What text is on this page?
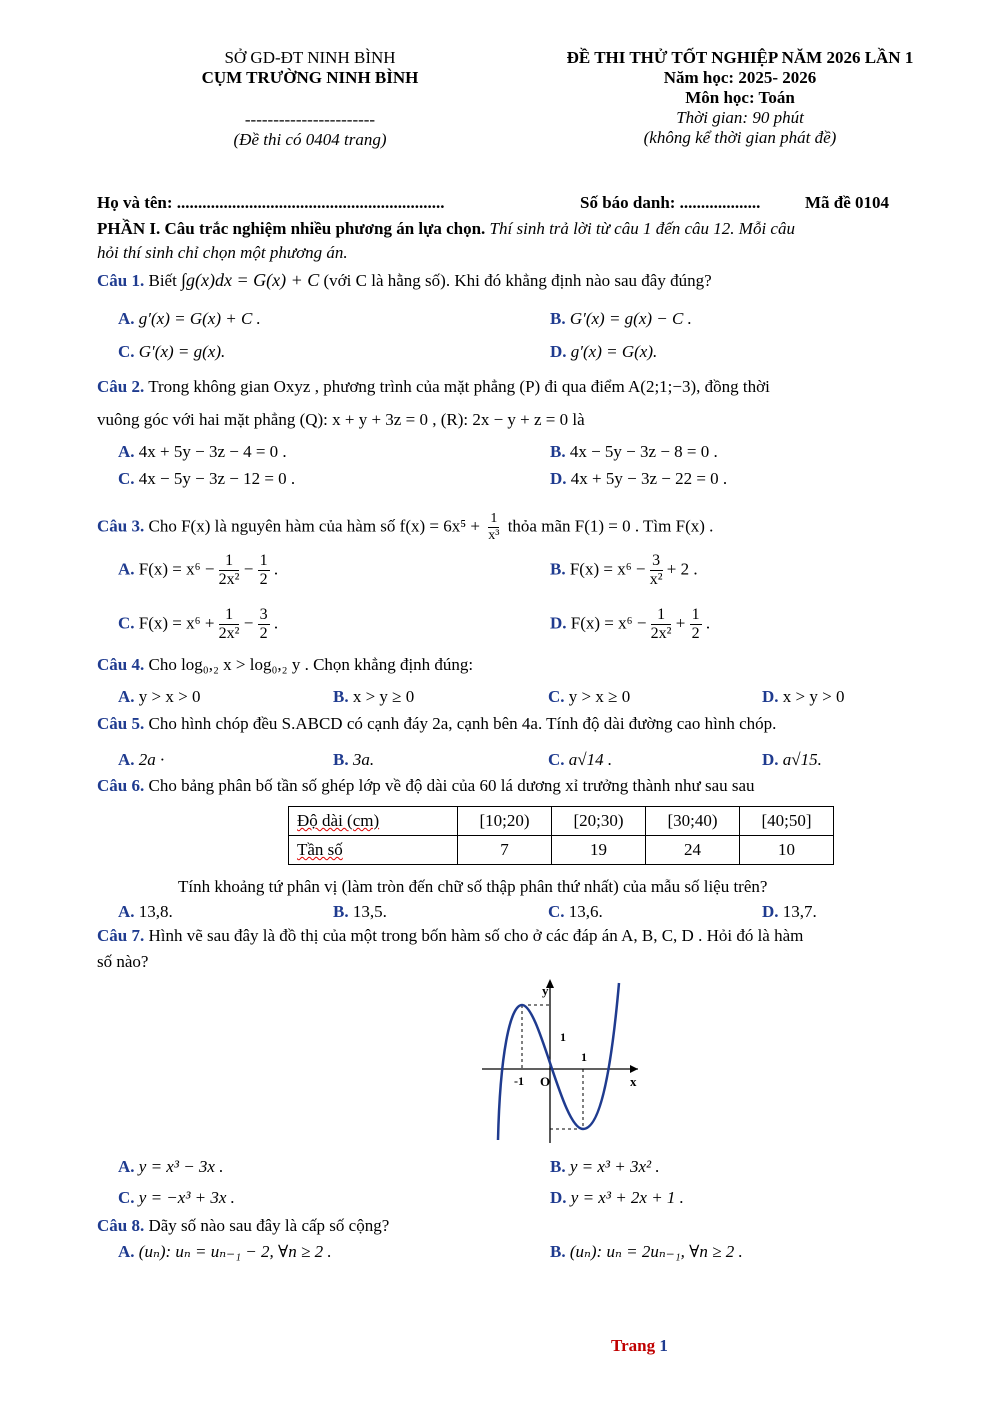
SỞ GD-ĐT NINH BÌNH
CỤM TRƯỜNG NINH BÌNH
-----------------------
(Đề thi có 0404 trang)
ĐỀ THI THỬ TỐT NGHIỆP NĂM 2026 LẦN 1
Năm học: 2025- 2026
Môn học: Toán
Thời gian: 90 phút
(không kể thời gian phát đề)
Họ và tên: ...............................................................	Số báo danh: ...................	Mã đề 0104
PHẦN I. Câu trắc nghiệm nhiều phương án lựa chọn. Thí sinh trả lời từ câu 1 đến câu 12. Mỗi câu
hỏi thí sinh chỉ chọn một phương án.
Câu 1. Biết ∫g(x)dx = G(x) + C (với C là hằng số). Khi đó khẳng định nào sau đây đúng?
A. g′(x) = G(x) + C .	B. G′(x) = g(x) − C .
C. G′(x) = g(x).	D. g′(x) = G(x).
Câu 2. Trong không gian Oxyz , phương trình của mặt phẳng (P) đi qua điểm A(2;1;−3), đồng thời
vuông góc với hai mặt phẳng (Q): x + y + 3z = 0 , (R): 2x − y + z = 0 là
A. 4x + 5y − 3z − 4 = 0 .	B. 4x − 5y − 3z − 8 = 0 .
C. 4x − 5y − 3z − 12 = 0 .	D. 4x + 5y − 3z − 22 = 0 .
Câu 3. Cho F(x) là nguyên hàm của hàm số $f(x) = 6x^5 + \frac{1}{\text{x³}}$ thỏa mãn F(1) = 0 . Tìm F(x) .
A. $F(x) = x^6 - \frac{1}{\text{2x²}} - \frac{1}{2}$ .	B. $F(x) = x^6 - \frac{3}{\text{x²}} + 2$ .
C. $F(x) = x^6 + \frac{1}{\text{2x²}} - \frac{3}{2}$ .	D. $F(x) = x^6 - \frac{1}{\text{2x²}} + \frac{1}{2}$ .
Câu 4. Cho log₀,₂ x > log₀,₂ y . Chọn khẳng định đúng:
A. y > x > 0	B. x > y ≥ 0	C. y > x ≥ 0	D. x > y > 0
Câu 5. Cho hình chóp đều S.ABCD có cạnh đáy 2a, cạnh bên 4a. Tính độ dài đường cao hình chóp.
A. 2a ·	B. 3a.	C. a√14 .	D. a√15.
Câu 6. Cho bảng phân bố tần số ghép lớp về độ dài của 60 lá dương xỉ trưởng thành như sau sau
Độ dài (cm)	[10;20)	[20;30)	[30;40)	[40;50]
Tần số	7	19	24	10
Tính khoảng tứ phân vị (làm tròn đến chữ số thập phân thứ nhất) của mẫu số liệu trên?
A. 13,8.	B. 13,5.	C. 13,6.	D. 13,7.
Câu 7. Hình vẽ sau đây là đồ thị của một trong bốn hàm số cho ở các đáp án A, B, C, D . Hỏi đó là hàm
số nào?
y
x
O
1
1
-1
A. y = x³ − 3x .	B. y = x³ + 3x² .
C. y = −x³ + 3x .	D. y = x³ + 2x + 1 .
Câu 8. Dãy số nào sau đây là cấp số cộng?
A. (uₙ): uₙ = uₙ₋₁ − 2, ∀n ≥ 2 .	B. (uₙ): uₙ = 2uₙ₋₁, ∀n ≥ 2 .
Trang 1
